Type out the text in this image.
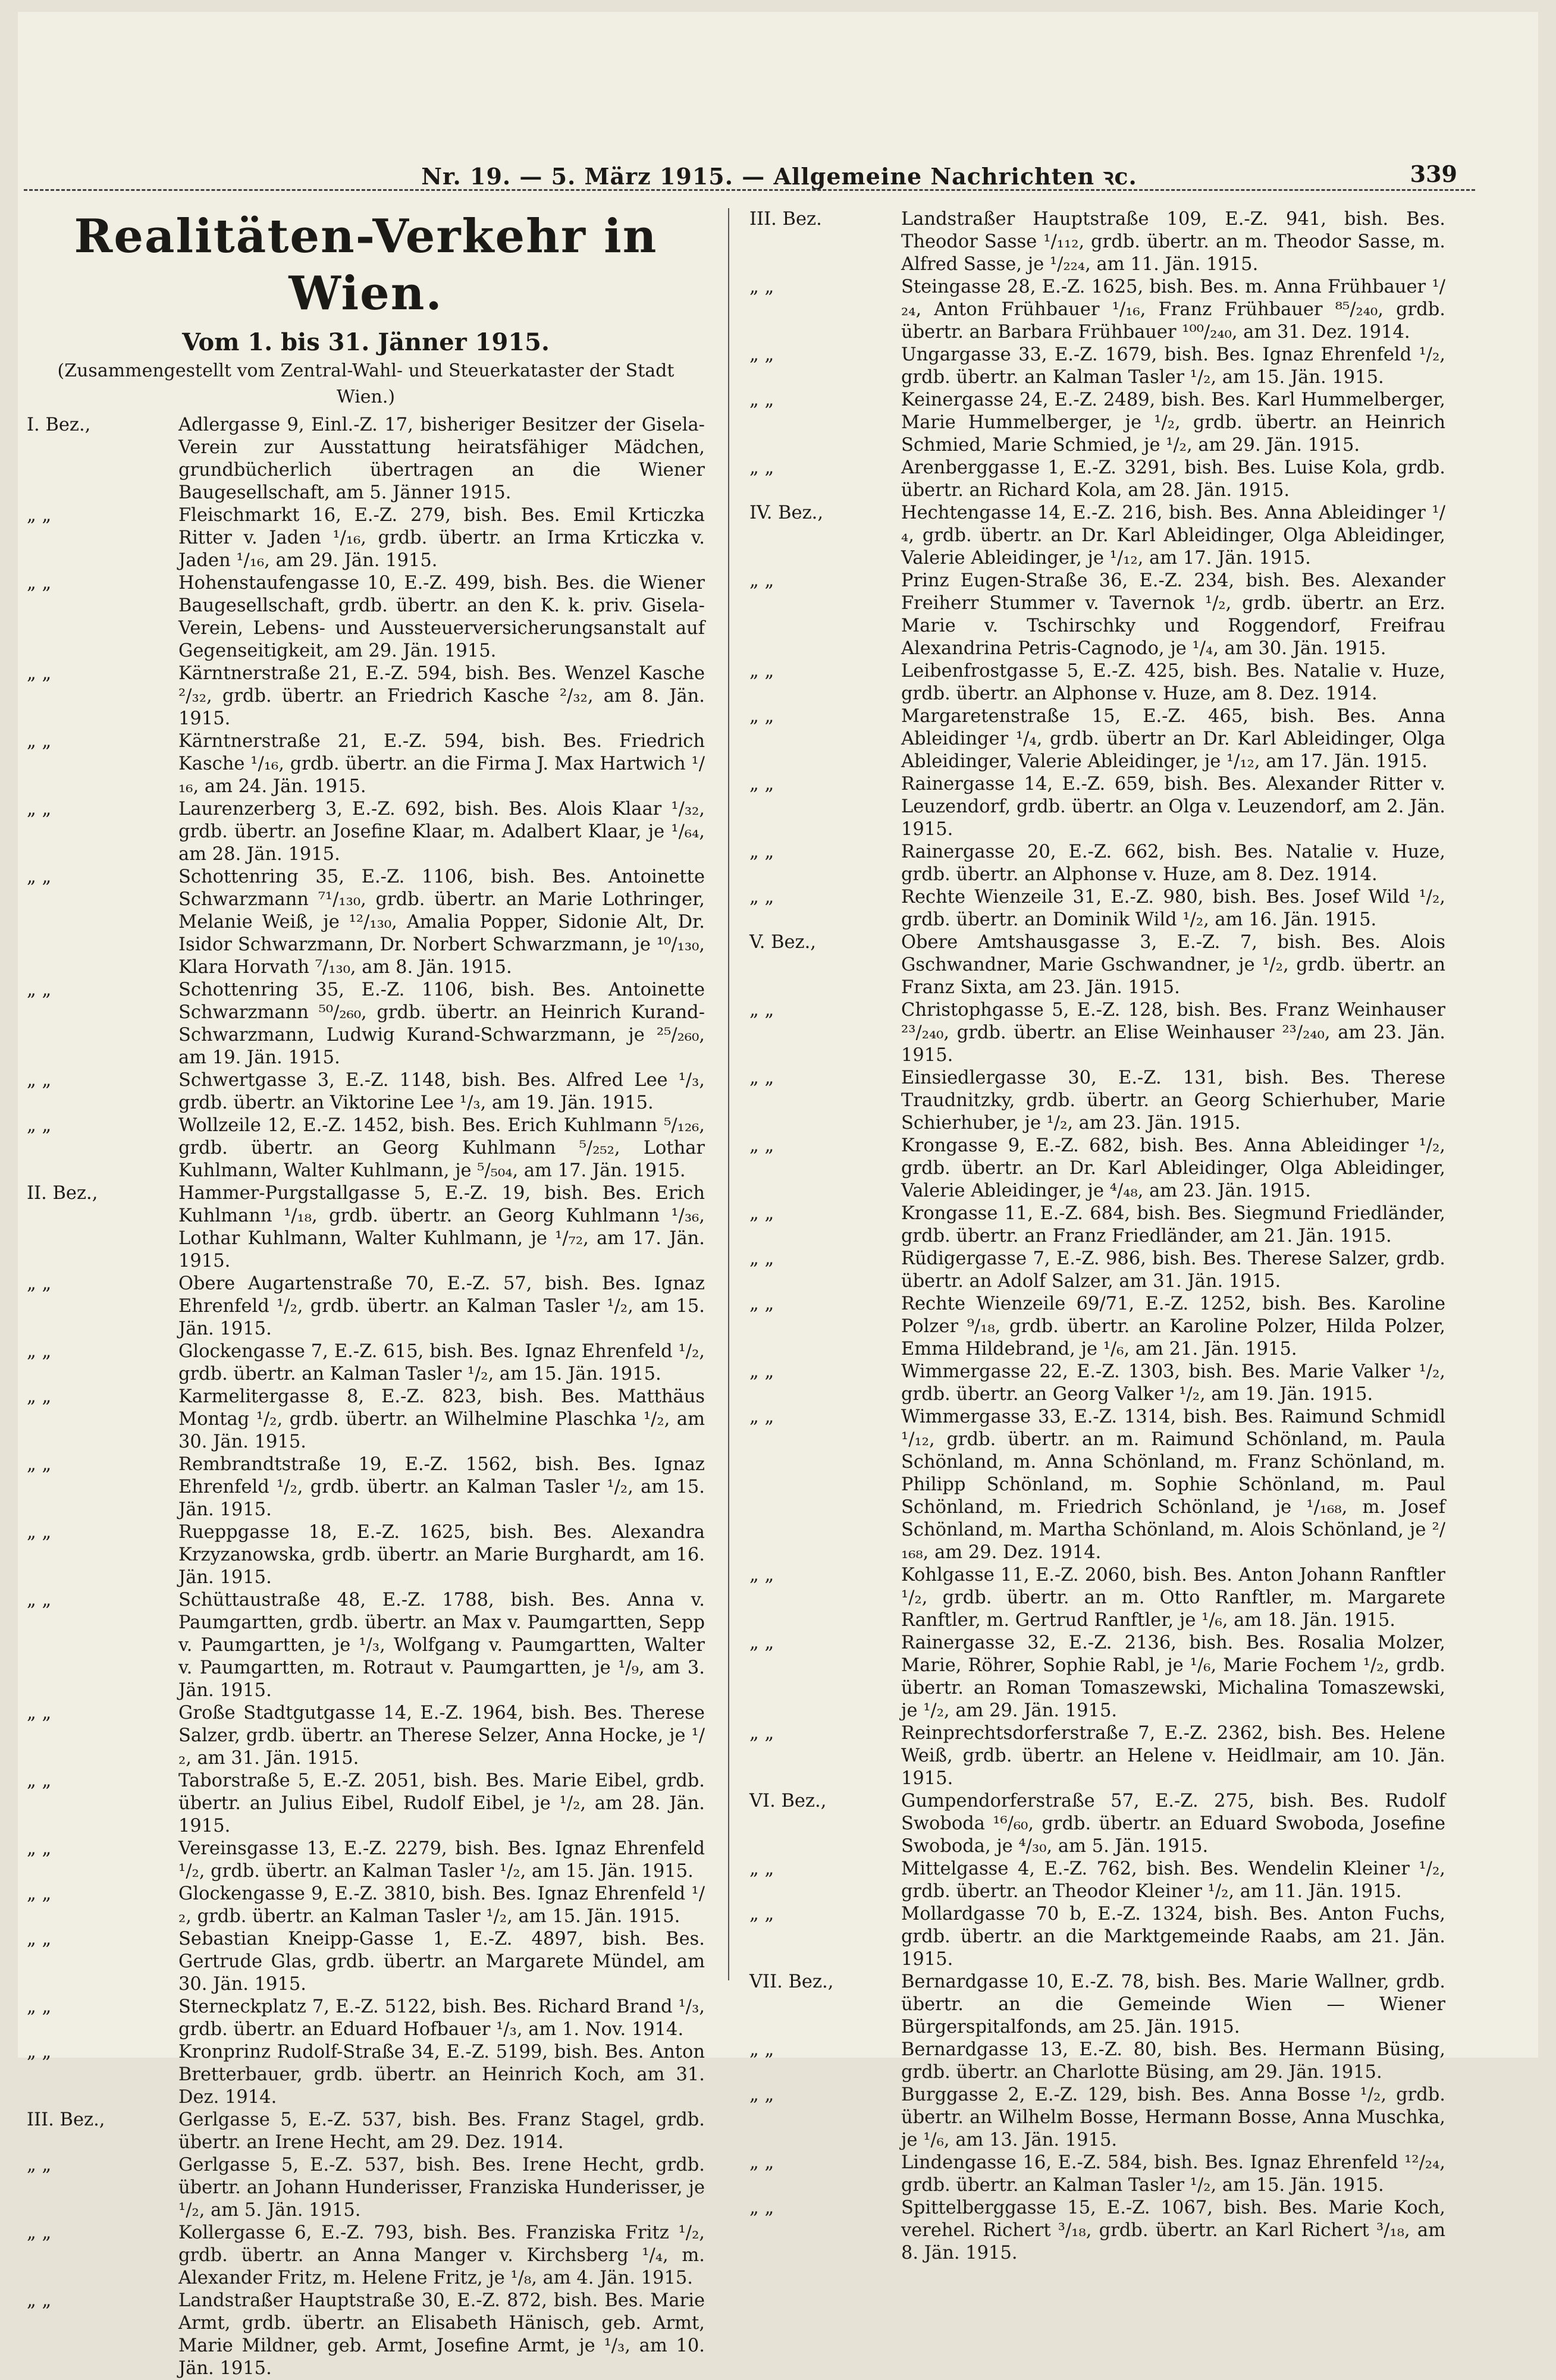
Nr. 19. — 5. März 1915. — Allgemeine Nachrichten ꝛc.	339
Realitäten-Verkehr in Wien.
Vom 1. bis 31. Jänner 1915.
(Zusammengestellt vom Zentral-Wahl- und Steuerkataster der Stadt Wien.)

I. Bez.,	Adlergasse 9, Einl.-Z. 17, bisheriger Besitzer der Gisela-Verein zur Ausstattung heiratsfähiger Mädchen, grundbücherlich übertragen an die Wiener Baugesellschaft, am 5. Jänner 1915.

„ „	Fleischmarkt 16, E.-Z. 279, bish. Bes. Emil Krticzka Ritter v. Jaden ¹/₁₆, grdb. übertr. an Irma Krticzka v. Jaden ¹/₁₆, am 29. Jän. 1915.

„ „	Hohenstaufengasse 10, E.-Z. 499, bish. Bes. die Wiener Baugesellschaft, grdb. übertr. an den K. k. priv. Gisela-Verein, Lebens- und Aussteuerversicherungsanstalt auf Gegenseitigkeit, am 29. Jän. 1915.

„ „	Kärntnerstraße 21, E.-Z. 594, bish. Bes. Wenzel Kasche ²/₃₂, grdb. übertr. an Friedrich Kasche ²/₃₂, am 8. Jän. 1915.

„ „	Kärntnerstraße 21, E.-Z. 594, bish. Bes. Friedrich Kasche ¹/₁₆, grdb. übertr. an die Firma J. Max Hartwich ¹/₁₆, am 24. Jän. 1915.

„ „	Laurenzerberg 3, E.-Z. 692, bish. Bes. Alois Klaar ¹/₃₂, grdb. übertr. an Josefine Klaar, m. Adalbert Klaar, je ¹/₆₄, am 28. Jän. 1915.

„ „	Schottenring 35, E.-Z. 1106, bish. Bes. Antoinette Schwarzmann ⁷¹/₁₃₀, grdb. übertr. an Marie Lothringer, Melanie Weiß, je ¹²/₁₃₀, Amalia Popper, Sidonie Alt, Dr. Isidor Schwarzmann, Dr. Norbert Schwarzmann, je ¹⁰/₁₃₀, Klara Horvath ⁷/₁₃₀, am 8. Jän. 1915.

„ „	Schottenring 35, E.-Z. 1106, bish. Bes. Antoinette Schwarzmann ⁵⁰/₂₆₀, grdb. übertr. an Heinrich Kurand-Schwarzmann, Ludwig Kurand-Schwarzmann, je ²⁵/₂₆₀, am 19. Jän. 1915.

„ „	Schwertgasse 3, E.-Z. 1148, bish. Bes. Alfred Lee ¹/₃, grdb. übertr. an Viktorine Lee ¹/₃, am 19. Jän. 1915.

„ „	Wollzeile 12, E.-Z. 1452, bish. Bes. Erich Kuhlmann ⁵/₁₂₆, grdb. übertr. an Georg Kuhlmann ⁵/₂₅₂, Lothar Kuhlmann, Walter Kuhlmann, je ⁵/₅₀₄, am 17. Jän. 1915.

II. Bez.,	Hammer-Purgstallgasse 5, E.-Z. 19, bish. Bes. Erich Kuhlmann ¹/₁₈, grdb. übertr. an Georg Kuhlmann ¹/₃₆, Lothar Kuhlmann, Walter Kuhlmann, je ¹/₇₂, am 17. Jän. 1915.

„ „	Obere Augartenstraße 70, E.-Z. 57, bish. Bes. Ignaz Ehrenfeld ¹/₂, grdb. übertr. an Kalman Tasler ¹/₂, am 15. Jän. 1915.

„ „	Glockengasse 7, E.-Z. 615, bish. Bes. Ignaz Ehrenfeld ¹/₂, grdb. übertr. an Kalman Tasler ¹/₂, am 15. Jän. 1915.

„ „	Karmelitergasse 8, E.-Z. 823, bish. Bes. Matthäus Montag ¹/₂, grdb. übertr. an Wilhelmine Plaschka ¹/₂, am 30. Jän. 1915.

„ „	Rembrandtstraße 19, E.-Z. 1562, bish. Bes. Ignaz Ehrenfeld ¹/₂, grdb. übertr. an Kalman Tasler ¹/₂, am 15. Jän. 1915.

„ „	Rueppgasse 18, E.-Z. 1625, bish. Bes. Alexandra Krzyzanowska, grdb. übertr. an Marie Burghardt, am 16. Jän. 1915.

„ „	Schüttaustraße 48, E.-Z. 1788, bish. Bes. Anna v. Paumgartten, grdb. übertr. an Max v. Paumgartten, Sepp v. Paumgartten, je ¹/₃, Wolfgang v. Paumgartten, Walter v. Paumgartten, m. Rotraut v. Paumgartten, je ¹/₉, am 3. Jän. 1915.

„ „	Große Stadtgutgasse 14, E.-Z. 1964, bish. Bes. Therese Salzer, grdb. übertr. an Therese Selzer, Anna Hocke, je ¹/₂, am 31. Jän. 1915.

„ „	Taborstraße 5, E.-Z. 2051, bish. Bes. Marie Eibel, grdb. übertr. an Julius Eibel, Rudolf Eibel, je ¹/₂, am 28. Jän. 1915.

„ „	Vereinsgasse 13, E.-Z. 2279, bish. Bes. Ignaz Ehrenfeld ¹/₂, grdb. übertr. an Kalman Tasler ¹/₂, am 15. Jän. 1915.

„ „	Glockengasse 9, E.-Z. 3810, bish. Bes. Ignaz Ehrenfeld ¹/₂, grdb. übertr. an Kalman Tasler ¹/₂, am 15. Jän. 1915.

„ „	Sebastian Kneipp-Gasse 1, E.-Z. 4897, bish. Bes. Gertrude Glas, grdb. übertr. an Margarete Mündel, am 30. Jän. 1915.

„ „	Sterneckplatz 7, E.-Z. 5122, bish. Bes. Richard Brand ¹/₃, grdb. übertr. an Eduard Hofbauer ¹/₃, am 1. Nov. 1914.

„ „	Kronprinz Rudolf-Straße 34, E.-Z. 5199, bish. Bes. Anton Bretterbauer, grdb. übertr. an Heinrich Koch, am 31. Dez. 1914.

III. Bez.,	Gerlgasse 5, E.-Z. 537, bish. Bes. Franz Stagel, grdb. übertr. an Irene Hecht, am 29. Dez. 1914.

„ „	Gerlgasse 5, E.-Z. 537, bish. Bes. Irene Hecht, grdb. übertr. an Johann Hunderisser, Franziska Hunderisser, je ¹/₂, am 5. Jän. 1915.

„ „	Kollergasse 6, E.-Z. 793, bish. Bes. Franziska Fritz ¹/₂, grdb. übertr. an Anna Manger v. Kirchsberg ¹/₄, m. Alexander Fritz, m. Helene Fritz, je ¹/₈, am 4. Jän. 1915.

„ „	Landstraßer Hauptstraße 30, E.-Z. 872, bish. Bes. Marie Armt, grdb. übertr. an Elisabeth Hänisch, geb. Armt, Marie Mildner, geb. Armt, Josefine Armt, je ¹/₃, am 10. Jän. 1915.

III. Bez.	Landstraßer Hauptstraße 109, E.-Z. 941, bish. Bes. Theodor Sasse ¹/₁₁₂, grdb. übertr. an m. Theodor Sasse, m. Alfred Sasse, je ¹/₂₂₄, am 11. Jän. 1915.

„ „	Steingasse 28, E.-Z. 1625, bish. Bes. m. Anna Frühbauer ¹/₂₄, Anton Frühbauer ¹/₁₆, Franz Frühbauer ⁸⁵/₂₄₀, grdb. übertr. an Barbara Frühbauer ¹⁰⁰/₂₄₀, am 31. Dez. 1914.

„ „	Ungargasse 33, E.-Z. 1679, bish. Bes. Ignaz Ehrenfeld ¹/₂, grdb. übertr. an Kalman Tasler ¹/₂, am 15. Jän. 1915.

„ „	Keinergasse 24, E.-Z. 2489, bish. Bes. Karl Hummelberger, Marie Hummelberger, je ¹/₂, grdb. übertr. an Heinrich Schmied, Marie Schmied, je ¹/₂, am 29. Jän. 1915.

„ „	Arenberggasse 1, E.-Z. 3291, bish. Bes. Luise Kola, grdb. übertr. an Richard Kola, am 28. Jän. 1915.

IV. Bez.,	Hechtengasse 14, E.-Z. 216, bish. Bes. Anna Ableidinger ¹/₄, grdb. übertr. an Dr. Karl Ableidinger, Olga Ableidinger, Valerie Ableidinger, je ¹/₁₂, am 17. Jän. 1915.

„ „	Prinz Eugen-Straße 36, E.-Z. 234, bish. Bes. Alexander Freiherr Stummer v. Tavernok ¹/₂, grdb. übertr. an Erz. Marie v. Tschirschky und Roggendorf, Freifrau Alexandrina Petris-Cagnodo, je ¹/₄, am 30. Jän. 1915.

„ „	Leibenfrostgasse 5, E.-Z. 425, bish. Bes. Natalie v. Huze, grdb. übertr. an Alphonse v. Huze, am 8. Dez. 1914.

„ „	Margaretenstraße 15, E.-Z. 465, bish. Bes. Anna Ableidinger ¹/₄, grdb. übertr an Dr. Karl Ableidinger, Olga Ableidinger, Valerie Ableidinger, je ¹/₁₂, am 17. Jän. 1915.

„ „	Rainergasse 14, E.-Z. 659, bish. Bes. Alexander Ritter v. Leuzendorf, grdb. übertr. an Olga v. Leuzendorf, am 2. Jän. 1915.

„ „	Rainergasse 20, E.-Z. 662, bish. Bes. Natalie v. Huze, grdb. übertr. an Alphonse v. Huze, am 8. Dez. 1914.

„ „	Rechte Wienzeile 31, E.-Z. 980, bish. Bes. Josef Wild ¹/₂, grdb. übertr. an Dominik Wild ¹/₂, am 16. Jän. 1915.

V. Bez.,	Obere Amtshausgasse 3, E.-Z. 7, bish. Bes. Alois Gschwandner, Marie Gschwandner, je ¹/₂, grdb. übertr. an Franz Sixta, am 23. Jän. 1915.

„ „	Christophgasse 5, E.-Z. 128, bish. Bes. Franz Weinhauser ²³/₂₄₀, grdb. übertr. an Elise Weinhauser ²³/₂₄₀, am 23. Jän. 1915.

„ „	Einsiedlergasse 30, E.-Z. 131, bish. Bes. Therese Traudnitzky, grdb. übertr. an Georg Schierhuber, Marie Schierhuber, je ¹/₂, am 23. Jän. 1915.

„ „	Krongasse 9, E.-Z. 682, bish. Bes. Anna Ableidinger ¹/₂, grdb. übertr. an Dr. Karl Ableidinger, Olga Ableidinger, Valerie Ableidinger, je ⁴/₄₈, am 23. Jän. 1915.

„ „	Krongasse 11, E.-Z. 684, bish. Bes. Siegmund Friedländer, grdb. übertr. an Franz Friedländer, am 21. Jän. 1915.

„ „	Rüdigergasse 7, E.-Z. 986, bish. Bes. Therese Salzer, grdb. übertr. an Adolf Salzer, am 31. Jän. 1915.

„ „	Rechte Wienzeile 69/71, E.-Z. 1252, bish. Bes. Karoline Polzer ⁹/₁₈, grdb. übertr. an Karoline Polzer, Hilda Polzer, Emma Hildebrand, je ¹/₆, am 21. Jän. 1915.

„ „	Wimmergasse 22, E.-Z. 1303, bish. Bes. Marie Valker ¹/₂, grdb. übertr. an Georg Valker ¹/₂, am 19. Jän. 1915.

„ „	Wimmergasse 33, E.-Z. 1314, bish. Bes. Raimund Schmidl ¹/₁₂, grdb. übertr. an m. Raimund Schönland, m. Paula Schönland, m. Anna Schönland, m. Franz Schönland, m. Philipp Schönland, m. Sophie Schönland, m. Paul Schönland, m. Friedrich Schönland, je ¹/₁₆₈, m. Josef Schönland, m. Martha Schönland, m. Alois Schönland, je ²/₁₆₈, am 29. Dez. 1914.

„ „	Kohlgasse 11, E.-Z. 2060, bish. Bes. Anton Johann Ranftler ¹/₂, grdb. übertr. an m. Otto Ranftler, m. Margarete Ranftler, m. Gertrud Ranftler, je ¹/₆, am 18. Jän. 1915.

„ „	Rainergasse 32, E.-Z. 2136, bish. Bes. Rosalia Molzer, Marie, Röhrer, Sophie Rabl, je ¹/₆, Marie Fochem ¹/₂, grdb. übertr. an Roman Tomaszewski, Michalina Tomaszewski, je ¹/₂, am 29. Jän. 1915.

„ „	Reinprechtsdorferstraße 7, E.-Z. 2362, bish. Bes. Helene Weiß, grdb. übertr. an Helene v. Heidlmair, am 10. Jän. 1915.

VI. Bez.,	Gumpendorferstraße 57, E.-Z. 275, bish. Bes. Rudolf Swoboda ¹⁶/₆₀, grdb. übertr. an Eduard Swoboda, Josefine Swoboda, je ⁴/₃₀, am 5. Jän. 1915.

„ „	Mittelgasse 4, E.-Z. 762, bish. Bes. Wendelin Kleiner ¹/₂, grdb. übertr. an Theodor Kleiner ¹/₂, am 11. Jän. 1915.

„ „	Mollardgasse 70 b, E.-Z. 1324, bish. Bes. Anton Fuchs, grdb. übertr. an die Marktgemeinde Raabs, am 21. Jän. 1915.

VII. Bez.,	Bernardgasse 10, E.-Z. 78, bish. Bes. Marie Wallner, grdb. übertr. an die Gemeinde Wien — Wiener Bürgerspitalfonds, am 25. Jän. 1915.

„ „	Bernardgasse 13, E.-Z. 80, bish. Bes. Hermann Büsing, grdb. übertr. an Charlotte Büsing, am 29. Jän. 1915.

„ „	Burggasse 2, E.-Z. 129, bish. Bes. Anna Bosse ¹/₂, grdb. übertr. an Wilhelm Bosse, Hermann Bosse, Anna Muschka, je ¹/₆, am 13. Jän. 1915.

„ „	Lindengasse 16, E.-Z. 584, bish. Bes. Ignaz Ehrenfeld ¹²/₂₄, grdb. übertr. an Kalman Tasler ¹/₂, am 15. Jän. 1915.

„ „	Spittelberggasse 15, E.-Z. 1067, bish. Bes. Marie Koch, verehel. Richert ³/₁₈, grdb. übertr. an Karl Richert ³/₁₈, am 8. Jän. 1915.
